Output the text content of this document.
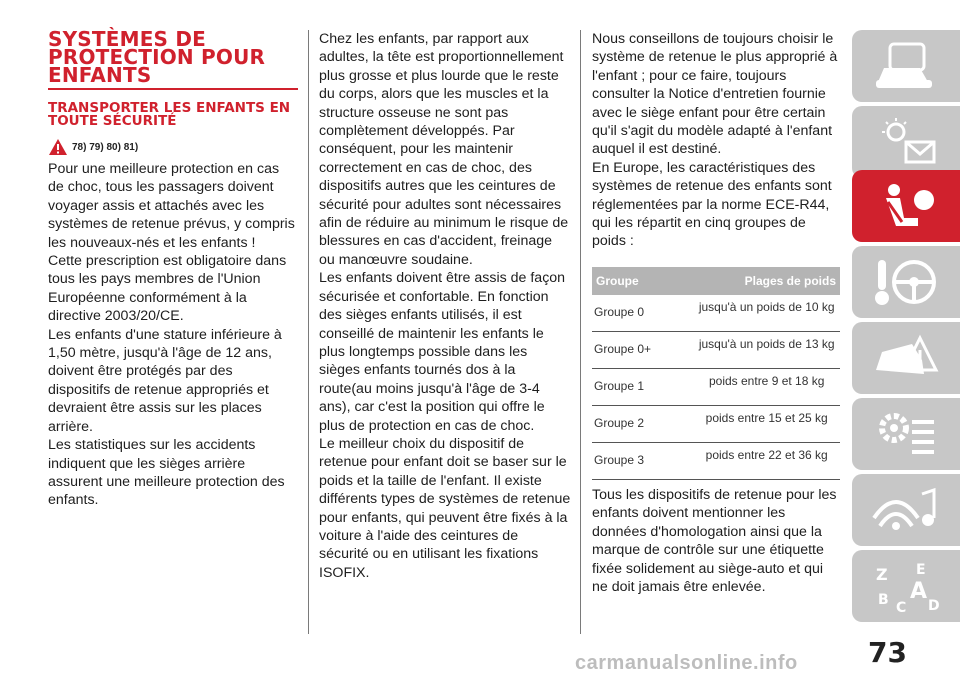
SYSTÈMES DE PROTECTION POUR ENFANTS
TRANSPORTER LES ENFANTS EN TOUTE SÉCURITÉ
78) 79) 80) 81)

Pour une meilleure protection en cas de choc, tous les passagers doivent voyager assis et attachés avec les systèmes de retenue prévus, y compris les nouveaux-nés et les enfants !
Cette prescription est obligatoire dans tous les pays membres de l'Union Européenne conformément à la directive 2003/20/CE.
Les enfants d'une stature inférieure à 1,50 mètre, jusqu'à l'âge de 12 ans, doivent être protégés par des dispositifs de retenue appropriés et devraient être assis sur les places arrière.
Les statistiques sur les accidents indiquent que les sièges arrière assurent une meilleure protection des enfants.

Chez les enfants, par rapport aux adultes, la tête est proportionnellement plus grosse et plus lourde que le reste du corps, alors que les muscles et la structure osseuse ne sont pas complètement développés. Par conséquent, pour les maintenir correctement en cas de choc, des dispositifs autres que les ceintures de sécurité pour adultes sont nécessaires afin de réduire au minimum le risque de blessures en cas d'accident, freinage ou manœuvre soudaine.
Les enfants doivent être assis de façon sécurisée et confortable. En fonction des sièges enfants utilisés, il est conseillé de maintenir les enfants le plus longtemps possible dans les sièges enfants tournés dos à la route(au moins jusqu'à l'âge de 3-4 ans), car c'est la position qui offre le plus de protection en cas de choc.
Le meilleur choix du dispositif de retenue pour enfant doit se baser sur le poids et la taille de l'enfant. Il existe différents types de systèmes de retenue pour enfants, qui peuvent être fixés à la voiture à l'aide des ceintures de sécurité ou en utilisant les fixations ISOFIX.

Nous conseillons de toujours choisir le système de retenue le plus approprié à l'enfant ; pour ce faire, toujours consulter la Notice d'entretien fournie avec le siège enfant pour être certain qu'il s'agit du modèle adapté à l'enfant auquel il est destiné.
En Europe, les caractéristiques des systèmes de retenue des enfants sont réglementées par la norme ECE-R44, qui les répartit en cinq groupes de poids :

Groupe	Plages de poids
Groupe 0	jusqu'à un poids de 10 kg
Groupe 0+	jusqu'à un poids de 13 kg
Groupe 1	poids entre 9 et 18 kg
Groupe 2	poids entre 15 et 25 kg
Groupe 3	poids entre 22 et 36 kg

Tous les dispositifs de retenue pour les enfants doivent mentionner les données d'homologation ainsi que la marque de contrôle sur une étiquette fixée solidement au siège-auto et qui ne doit jamais être enlevée.

Z E
B C
A
D
73
carmanualsonline.info
